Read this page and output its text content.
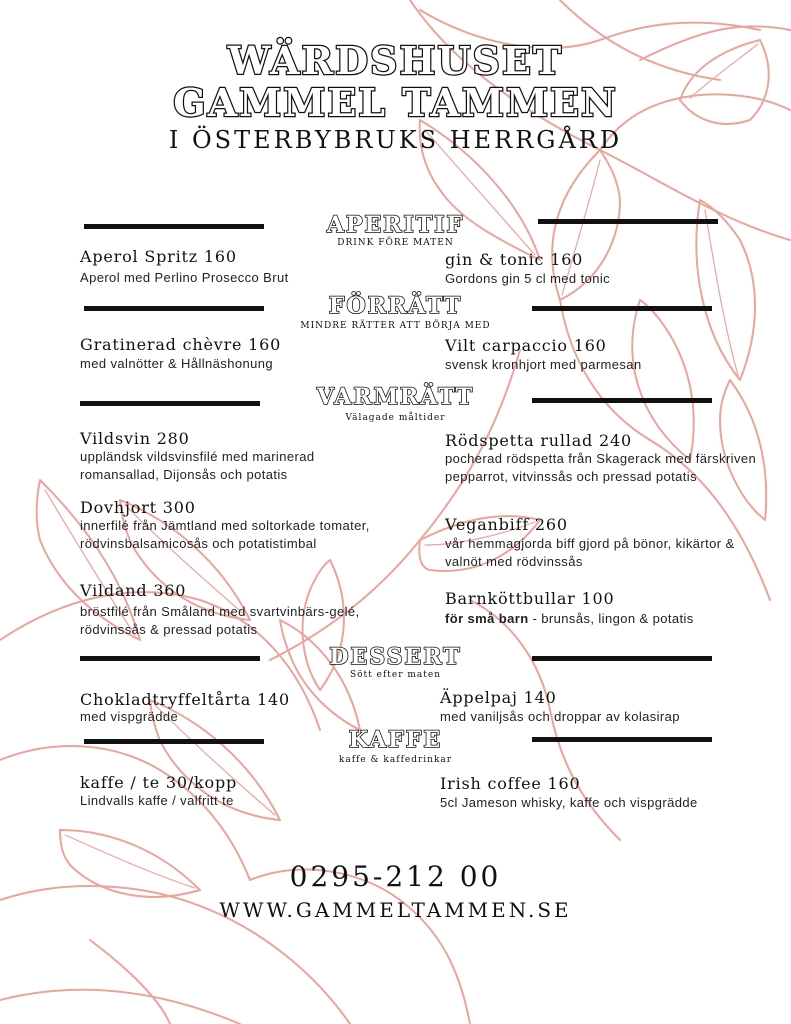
WÄRDSHUSET
GAMMEL TAMMEN
I ÖSTERBYBRUKS HERRGÅRD
APERITIF
DRINK FÖRE MATEN
Aperol Spritz 160
Aperol med Perlino Prosecco Brut
gin & tonic 160
Gordons gin 5 cl med tonic
FÖRRÄTT
MINDRE RÄTTER ATT BÖRJA MED
Gratinerad chèvre 160
med valnötter & Hållnäshonung
Vilt carpaccio 160
svensk kronhjort med parmesan
VARMRÄTT
Välagade måltider
Vildsvin 280
uppländsk vildsvinsfilé med marinerad romansallad, Dijonsås och potatis
Rödspetta rullad 240
pocherad rödspetta från Skagerack med färskriven pepparrot, vitvinssås och pressad potatis
Dovhjort 300
innerfilé från Jämtland med soltorkade tomater, rödvinsbalsamicosås och potatistimbal
Veganbiff 260
vår hemmagjorda biff gjord på bönor, kikärtor & valnöt med rödvinssås
Vildand 360
bröstfilé från Småland med svartvinbärs-gelé, rödvinssås & pressad potatis
Barnköttbullar 100
för små barn - brunsås, lingon & potatis
DESSERT
Sött efter maten
Chokladtryffeltårta 140
med vispgrädde
Äppelpaj 140
med vaniljsås och droppar av kolasirap
KAFFE
kaffe & kaffedrinkar
kaffe / te 30/kopp
Lindvalls kaffe / valfritt te
Irish coffee 160
5cl Jameson whisky, kaffe och vispgrädde
0295-212 00
WWW.GAMMELTAMMEN.SE
